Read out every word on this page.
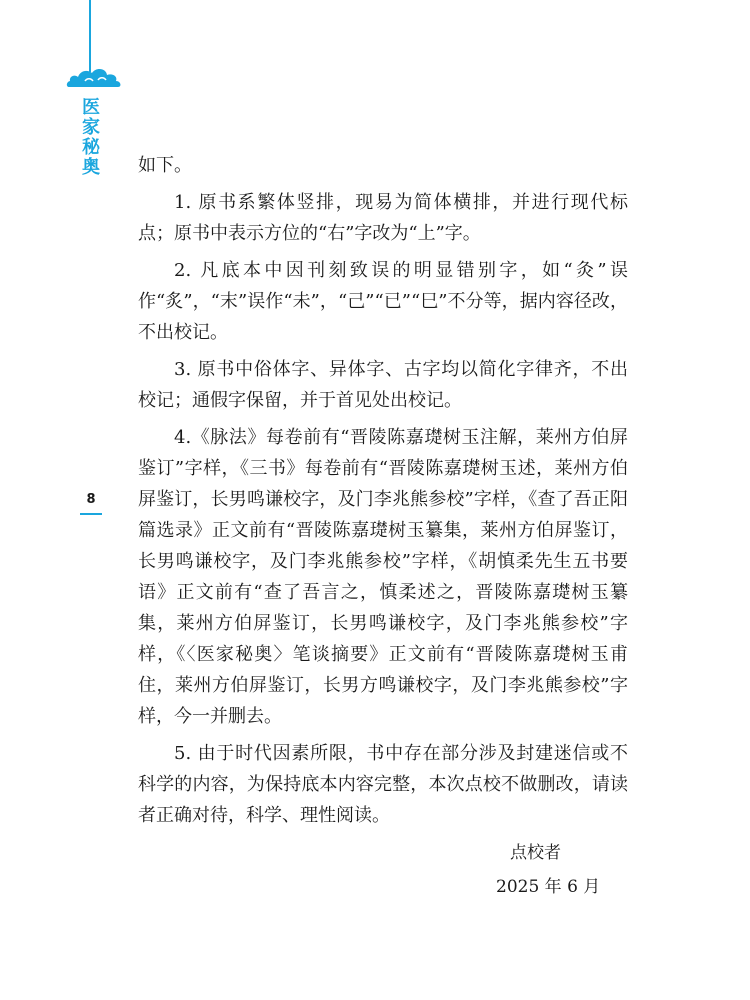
医家秘奥
8

如下。

1. 原书系繁体竖排，现易为简体横排，并进行现代标点；原书中表示方位的“右”字改为“上”字。

2. 凡底本中因刊刻致误的明显错别字，如“灸”误作“炙”，“末”误作“未”，“己”“已”“巳”不分等，据内容径改，不出校记。

3. 原书中俗体字、异体字、古字均以简化字律齐，不出校记；通假字保留，并于首见处出校记。

4.《脉法》每卷前有“晋陵陈嘉璴树玉注解，莱州方伯屏鉴订”字样，《三书》每卷前有“晋陵陈嘉璴树玉述，莱州方伯屏鉴订，长男鸣谦校字，及门李兆熊参校”字样，《查了吾正阳篇选录》正文前有“晋陵陈嘉璴树玉纂集，莱州方伯屏鉴订，长男鸣谦校字，及门李兆熊参校”字样，《胡慎柔先生五书要语》正文前有“查了吾言之，慎柔述之，晋陵陈嘉璴树玉纂集，莱州方伯屏鉴订，长男鸣谦校字，及门李兆熊参校”字样，《〈医家秘奥〉笔谈摘要》正文前有“晋陵陈嘉璴树玉甫住，莱州方伯屏鉴订，长男方鸣谦校字，及门李兆熊参校”字样，今一并删去。

5. 由于时代因素所限，书中存在部分涉及封建迷信或不科学的内容，为保持底本内容完整，本次点校不做删改，请读者正确对待，科学、理性阅读。

点校者
2025 年 6 月
